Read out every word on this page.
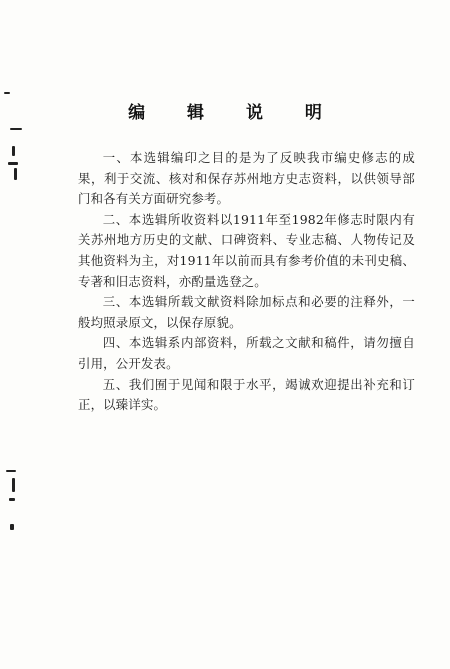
编 辑 说 明

一、本选辑编印之目的是为了反映我市编史修志的成果，利于交流、核对和保存苏州地方史志资料，以供领导部门和各有关方面研究参考。

二、本选辑所收资料以1911年至1982年修志时限内有关苏州地方历史的文献、口碑资料、专业志稿、人物传记及其他资料为主，对1911年以前而具有参考价值的未刊史稿、专著和旧志资料，亦酌量选登之。

三、本选辑所载文献资料除加标点和必要的注释外，一般均照录原文，以保存原貌。

四、本选辑系内部资料，所载之文献和稿件，请勿擅自引用，公开发表。

五、我们囿于见闻和限于水平，竭诚欢迎提出补充和订正，以臻详实。
